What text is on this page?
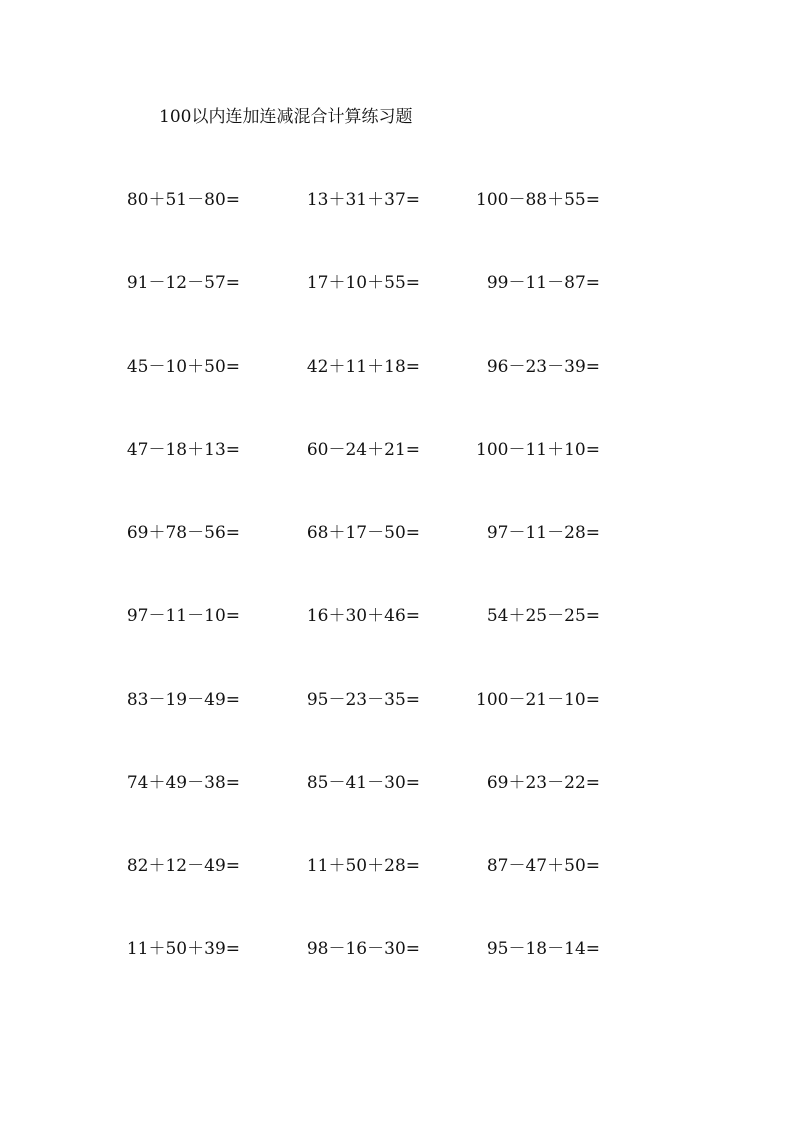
100以内连加连减混合计算练习题
80＋51－80=	13＋31＋37=	100－88＋55=
91－12－57=	17＋10＋55=	99－11－87=
45－10＋50=	42＋11＋18=	96－23－39=
47－18＋13=	60－24＋21=	100－11＋10=
69＋78－56=	68＋17－50=	97－11－28=
97－11－10=	16＋30＋46=	54＋25－25=
83－19－49=	95－23－35=	100－21－10=
74＋49－38=	85－41－30=	69＋23－22=
82＋12－49=	11＋50＋28=	87－47＋50=
11＋50＋39=	98－16－30=	95－18－14=
